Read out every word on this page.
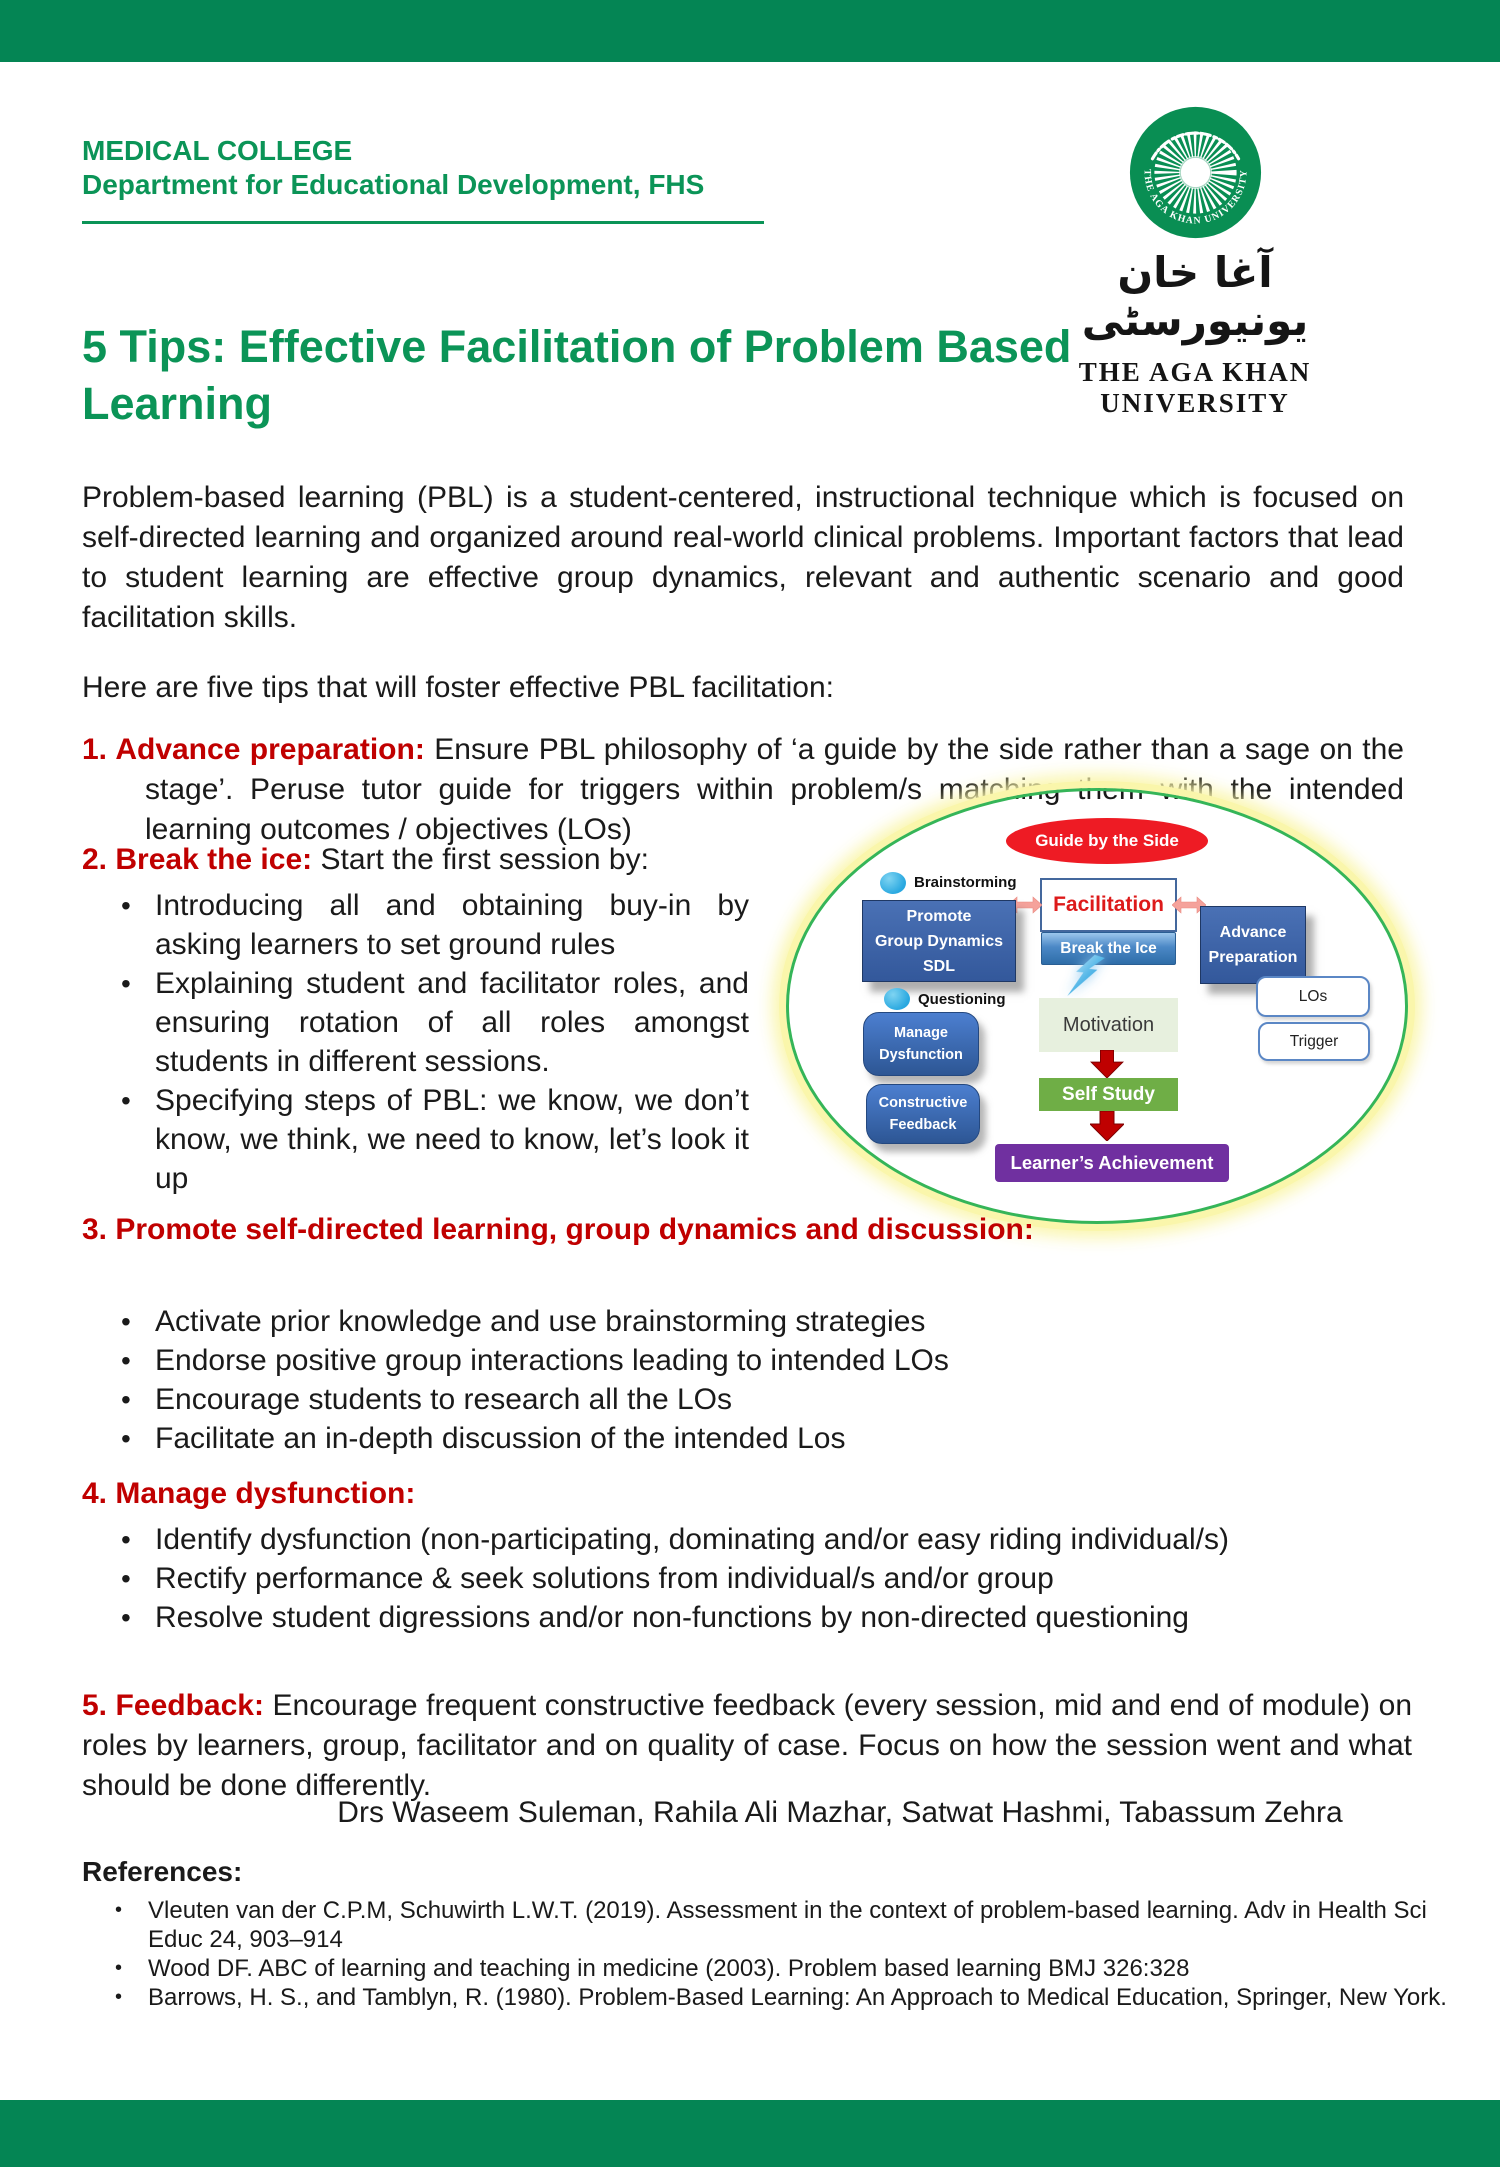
MEDICAL COLLEGE
Department for Educational Development, FHS	THE AGA KHAN UNIVERSITY
آغا خان يونيورسٹی
THE AGA KHAN UNIVERSITY
5 Tips: Effective Facilitation of Problem Based Learning

Problem-based learning (PBL) is a student-centered, instructional technique which is focused on self-directed learning and organized around real-world clinical problems. Important factors that lead to student learning are effective group dynamics, relevant and authentic scenario and good facilitation skills.

Here are five tips that will foster effective PBL facilitation:

1. Advance preparation: Ensure PBL philosophy of ‘a guide by the side rather than a sage on the stage’. Peruse tutor guide for triggers within problem/s matching them with the intended learning outcomes / objectives (LOs)

2. Break the ice: Start the first session by:
• Introducing all and obtaining buy-in by asking learners to set ground rules
• Explaining student and facilitator roles, and ensuring rotation of all roles amongst students in different sessions.
• Specifying steps of PBL: we know, we don’t know, we think, we need to know, let’s look it up
Guide by the Side
Facilitation
Break the Ice
Brainstorming
Promote
Group Dynamics
SDL
Questioning
Manage
Dysfunction
Constructive
Feedback
Motivation
Self Study
Learner’s Achievement
Advance
Preparation
LOs
Trigger
3. Promote self-directed learning, group dynamics and discussion:
• Activate prior knowledge and use brainstorming strategies
• Endorse positive group interactions leading to intended LOs
• Encourage students to research all the LOs
• Facilitate an in-depth discussion of the intended Los
4. Manage dysfunction:
• Identify dysfunction (non-participating, dominating and/or easy riding individual/s)
• Rectify performance & seek solutions from individual/s and/or group
• Resolve student digressions and/or non-functions by non-directed questioning

5. Feedback: Encourage frequent constructive feedback (every session, mid and end of module) on roles by learners, group, facilitator and on quality of case. Focus on how the session went and what should be done differently.

Drs Waseem Suleman, Rahila Ali Mazhar, Satwat Hashmi, Tabassum Zehra
References:
• Vleuten van der C.P.M, Schuwirth L.W.T. (2019). Assessment in the context of problem-based learning. Adv in Health Sci Educ 24, 903–914
• Wood DF. ABC of learning and teaching in medicine (2003). Problem based learning BMJ 326:328
• Barrows, H. S., and Tamblyn, R. (1980). Problem-Based Learning: An Approach to Medical Education, Springer, New York.
